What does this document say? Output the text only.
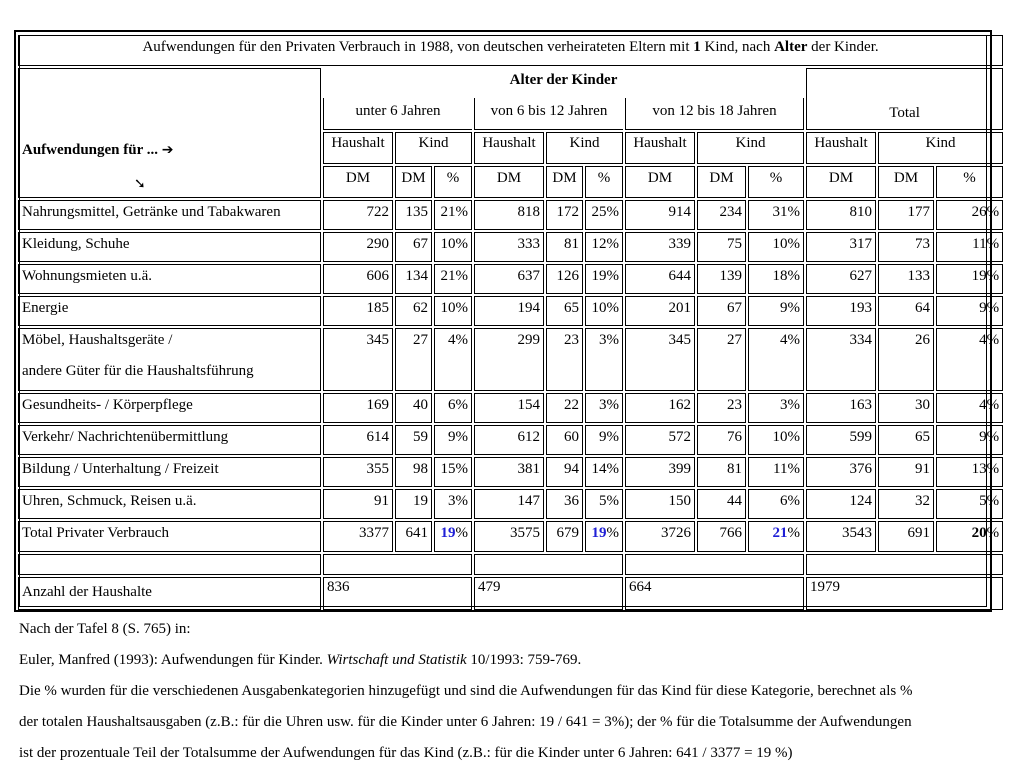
Aufwendungen für den Privaten Verbrauch in 1988, von deutschen verheirateten Eltern mit 1 Kind, nach Alter der Kinder.												

Aufwendungen für ... ➔
➘	Alter der Kinder									Total		
	unter 6 Jahren			von 6 bis 12 Jahren			von 12 bis 18 Jahren					
	Haushalt	Kind		Haushalt	Kind		Haushalt	Kind		Haushalt	Kind	
	DM	DM	%	DM	DM	%	DM	DM	%	DM	DM	%

Nahrungsmittel, Getränke und Tabakwaren	722	135	21%	818	172	25%	914	234	31%	810	177	26%

Kleidung, Schuhe	290	67	10%	333	81	12%	339	75	10%	317	73	11%

Wohnungsmieten u.ä.	606	134	21%	637	126	19%	644	139	18%	627	133	19%

Energie	185	62	10%	194	65	10%	201	67	9%	193	64	9%

Möbel, Haushaltsgeräte /
andere Güter für die Haushaltsführung	345	27	4%	299	23	3%	345	27	4%	334	26	4%

Gesundheits- / Körperpflege	169	40	6%	154	22	3%	162	23	3%	163	30	4%

Verkehr/ Nachrichtenübermittlung	614	59	9%	612	60	9%	572	76	10%	599	65	9%

Bildung / Unterhaltung / Freizeit	355	98	15%	381	94	14%	399	81	11%	376	91	13%

Uhren, Schmuck, Reisen u.ä.	91	19	3%	147	36	5%	150	44	6%	124	32	5%
Total Privater Verbrauch	3377	641	19%	3575	679	19%	3726	766	21%	3543	691	20%

Anzahl der Haushalte	836			479			664			1979		
Nach der Tafel 8 (S. 765) in:
Euler, Manfred (1993): Aufwendungen für Kinder. Wirtschaft und Statistik 10/1993: 759-769.
Die % wurden für die verschiedenen Ausgabenkategorien hinzugefügt und sind die Aufwendungen für das Kind für diese Kategorie, berechnet als %
der totalen Haushaltsausgaben (z.B.: für die Uhren usw. für die Kinder unter 6 Jahren: 19 / 641 = 3%); der % für die Totalsumme der Aufwendungen
ist der prozentuale Teil der Totalsumme der Aufwendungen für das Kind (z.B.: für die Kinder unter 6 Jahren: 641 / 3377 = 19 %)
